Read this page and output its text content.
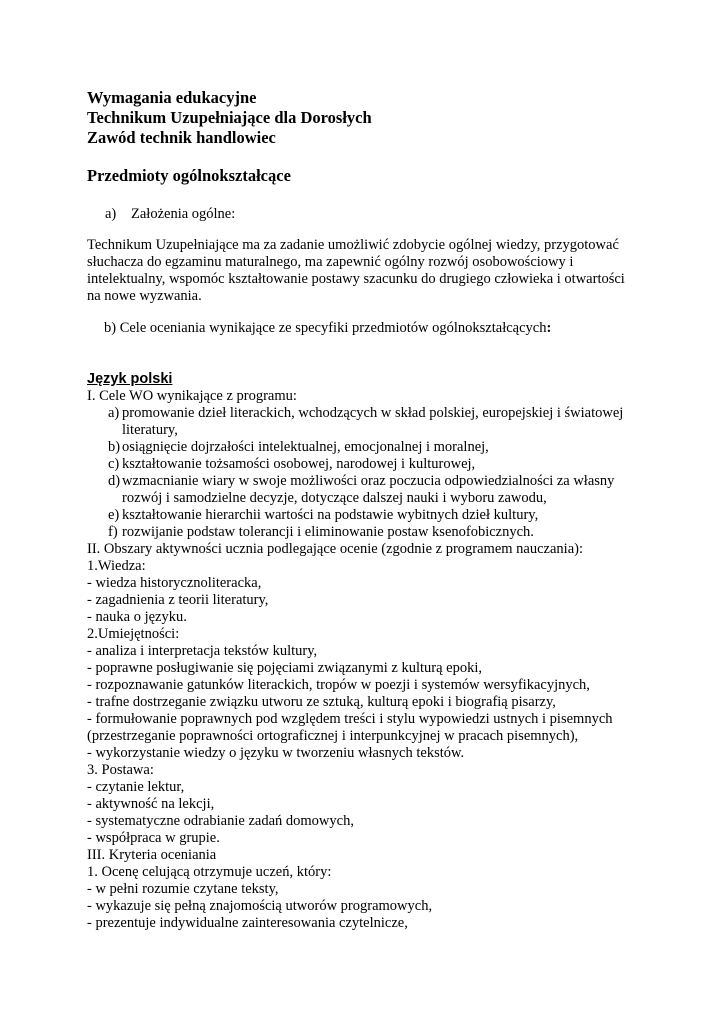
Wymagania edukacyjne
Technikum Uzupełniające dla Dorosłych
Zawód technik handlowiec
Przedmioty ogólnokształcące
a) Założenia ogólne:
Technikum Uzupełniające ma za zadanie umożliwić zdobycie ogólnej wiedzy, przygotować
słuchacza do egzaminu maturalnego, ma zapewnić ogólny rozwój osobowościowy i
intelektualny, wspomóc kształtowanie postawy szacunku do drugiego człowieka i otwartości
na nowe wyzwania.
b) Cele oceniania wynikające ze specyfiki przedmiotów ogólnokształcących:
Język polski
I. Cele WO wynikające z programu:
a) promowanie dzieł literackich, wchodzących w skład polskiej, europejskiej i światowej
literatury,
b) osiągnięcie dojrzałości intelektualnej, emocjonalnej i moralnej,
c) kształtowanie tożsamości osobowej, narodowej i kulturowej,
d) wzmacnianie wiary w swoje możliwości oraz poczucia odpowiedzialności za własny
rozwój i samodzielne decyzje, dotyczące dalszej nauki i wyboru zawodu,
e) kształtowanie hierarchii wartości na podstawie wybitnych dzieł kultury,
f) rozwijanie podstaw tolerancji i eliminowanie postaw ksenofobicznych.
II. Obszary aktywności ucznia podlegające ocenie (zgodnie z programem nauczania):
1.Wiedza:
- wiedza historycznoliteracka,
- zagadnienia z teorii literatury,
- nauka o języku.
2.Umiejętności:
- analiza i interpretacja tekstów kultury,
- poprawne posługiwanie się pojęciami związanymi z kulturą epoki,
- rozpoznawanie gatunków literackich, tropów w poezji i systemów wersyfikacyjnych,
- trafne dostrzeganie związku utworu ze sztuką, kulturą epoki i biografią pisarzy,
- formułowanie poprawnych pod względem treści i stylu wypowiedzi ustnych i pisemnych
(przestrzeganie poprawności ortograficznej i interpunkcyjnej w pracach pisemnych),
- wykorzystanie wiedzy o języku w tworzeniu własnych tekstów.
3. Postawa:
- czytanie lektur,
- aktywność na lekcji,
- systematyczne odrabianie zadań domowych,
- współpraca w grupie.
III. Kryteria oceniania
1. Ocenę celującą otrzymuje uczeń, który:
- w pełni rozumie czytane teksty,
- wykazuje się pełną znajomością utworów programowych,
- prezentuje indywidualne zainteresowania czytelnicze,
